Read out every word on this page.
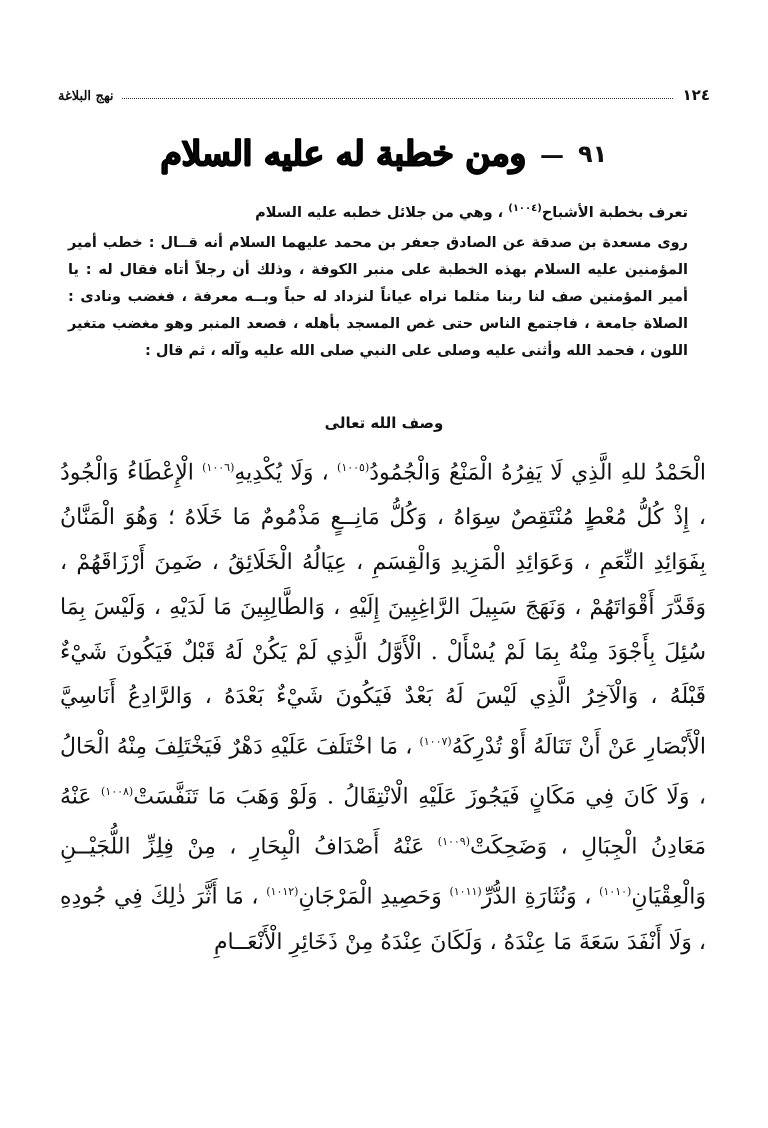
١٢٤
نهج البلاغة
٩١
—
ومن خطبة له عليه السلام
تعرف بخطبة الأشباح$^{(١٠٠٤)}$ ، وهي من جلائل خطبه عليه السلام
روى مسعدة بن صدقة عن الصادق جعفر بن محمد عليهما السلام أنه قــال : خطب أمير المؤمنين عليه السلام بهذه الخطبة على منبر الكوفة ، وذلك أن رجلاً أتاه فقال له : يا أمير المؤمنين صف لنا ربنا مثلما نراه عياناً لنزداد له حباً وبــه معرفة ، فغضب ونادى : الصلاة جامعة ، فاجتمع الناس حتى غص المسجد بأهله ، فصعد المنبر وهو مغضب متغير اللون ، فحمد الله وأثنى عليه وصلى على النبي صلى الله عليه وآله ، ثم قال :
وصف الله تعالى
الْحَمْدُ للهِ الَّذِي لَا يَفِرُهُ الْمَنْعُ وَالْجُمُودُ$^{(١٠٠٥)}$ ، وَلَا يُكْدِيهِ$^{(١٠٠٦)}$ الْإِعْطَاءُ وَالْجُودُ ، إِذْ كُلُّ مُعْطٍ مُنْتَقِصٌ سِوَاهُ ، وَكُلُّ مَانِــعٍ مَذْمُومٌ مَا خَلَاهُ ؛ وَهُوَ الْمَنَّانُ بِفَوَائِدِ النِّعَمِ ، وَعَوَائِدِ الْمَزِيدِ وَالْقِسَمِ ، عِيَالُهُ الْخَلَائِقُ ، ضَمِنَ أَرْزَاقَهُمْ ، وَقَدَّرَ أَقْوَاتَهُمْ ، وَنَهَجَ سَبِيلَ الرَّاغِبِينَ إِلَيْهِ ، وَالطَّالِبِينَ مَا لَدَيْهِ ، وَلَيْسَ بِمَا سُئِلَ بِأَجْوَدَ مِنْهُ بِمَا لَمْ يُسْأَلْ . الْأَوَّلُ الَّذِي لَمْ يَكُنْ لَهُ قَبْلٌ فَيَكُونَ شَيْءٌ قَبْلَهُ ، وَالْآخِرُ الَّذِي لَيْسَ لَهُ بَعْدٌ فَيَكُونَ شَيْءٌ بَعْدَهُ ، وَالرَّادِعُ أَنَاسِيَّ الْأَبْصَارِ عَنْ أَنْ تَنَالَهُ أَوْ تُدْرِكَهُ$^{(١٠٠٧)}$ ، مَا اخْتَلَفَ عَلَيْهِ دَهْرٌ فَيَخْتَلِفَ مِنْهُ الْحَالُ ، وَلَا كَانَ فِي مَكَانٍ فَيَجُوزَ عَلَيْهِ الْانْتِقَالُ . وَلَوْ وَهَبَ مَا تَنَفَّسَتْ$^{(١٠٠٨)}$ عَنْهُ مَعَادِنُ الْجِبَالِ ، وَضَحِكَتْ$^{(١٠٠٩)}$ عَنْهُ أَصْدَافُ الْبِحَارِ ، مِنْ فِلِزِّ اللُّجَيْــنِ وَالْعِقْيَانِ$^{(١٠١٠)}$ ، وَنُثَارَةِ الدُّرِّ$^{(١٠١١)}$ وَحَصِيدِ الْمَرْجَانِ$^{(١٠١٢)}$ ، مَا أَثَّرَ ذٰلِكَ فِي جُودِهِ ، وَلَا أَنْفَدَ سَعَةَ مَا عِنْدَهُ ، وَلَكَانَ عِنْدَهُ مِنْ ذَخَائِرِ الْأَنْعَــامِ
